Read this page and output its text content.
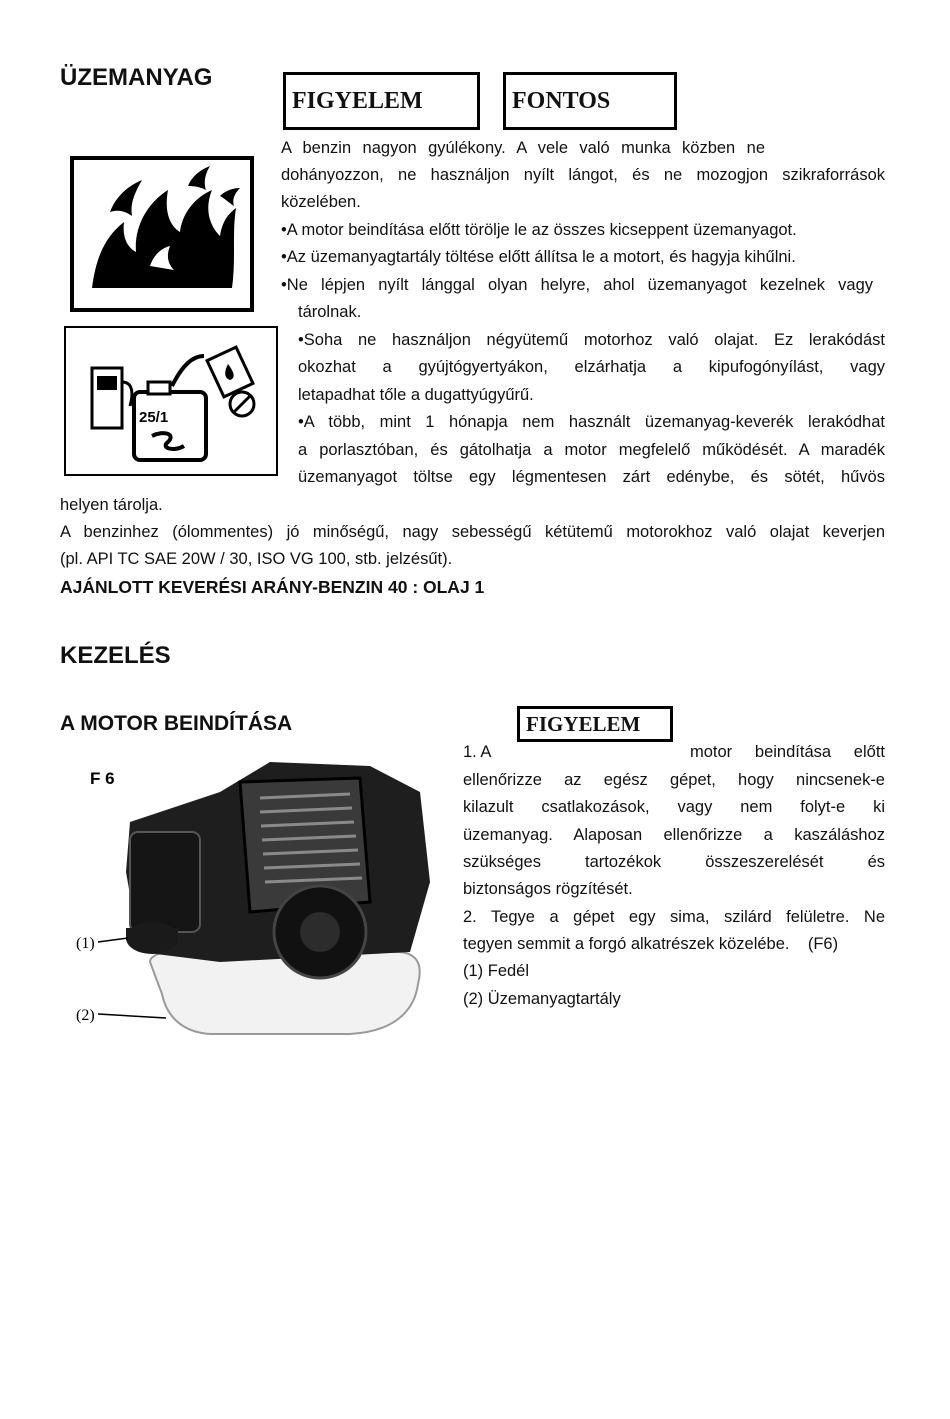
ÜZEMANYAG
FIGYELEM	FONTOS
25/1
A benzin nagyon gyúlékony. A vele való munka közben ne
dohányozzon, ne használjon nyílt lángot, és ne mozogjon szikraforrások
közelében.
•A motor beindítása előtt törölje le az összes kicseppent üzemanyagot.
•Az üzemanyagtartály töltése előtt állítsa le a motort, és hagyja kihűlni.
•Ne lépjen nyílt lánggal olyan helyre, ahol üzemanyagot kezelnek vagy
tárolnak.
•Soha ne használjon négyütemű motorhoz való olajat. Ez lerakódást
okozhat a gyújtógyertyákon, elzárhatja a kipufogónyílást, vagy
letapadhat tőle a dugattyúgyűrű.
•A több, mint 1 hónapja nem használt üzemanyag-keverék lerakódhat
a porlasztóban, és gátolhatja a motor megfelelő működését. A maradék
üzemanyagot töltse egy légmentesen zárt edénybe, és sötét, hűvös
helyen tárolja.
A benzinhez (ólommentes) jó minőségű, nagy sebességű kétütemű motorokhoz való olajat keverjen
(pl. API TC SAE 20W / 30, ISO VG 100, stb. jelzésűt).
AJÁNLOTT KEVERÉSI ARÁNY-BENZIN 40 : OLAJ 1
KEZELÉS
A MOTOR BEINDÍTÁSA	FIGYELEM
F 6
(1)
(2)
1. A	motor beindítása előtt
ellenőrizze az egész gépet, hogy nincsenek-e
kilazult csatlakozások, vagy nem folyt-e ki
üzemanyag. Alaposan ellenőrizze a kaszáláshoz
szükséges tartozékok összeszerelését és
biztonságos rögzítését.
2. Tegye a gépet egy sima, szilárd felületre. Ne
tegyen semmit a forgó alkatrészek közelébe.    (F6)
(1) Fedél
(2) Üzemanyagtartály
